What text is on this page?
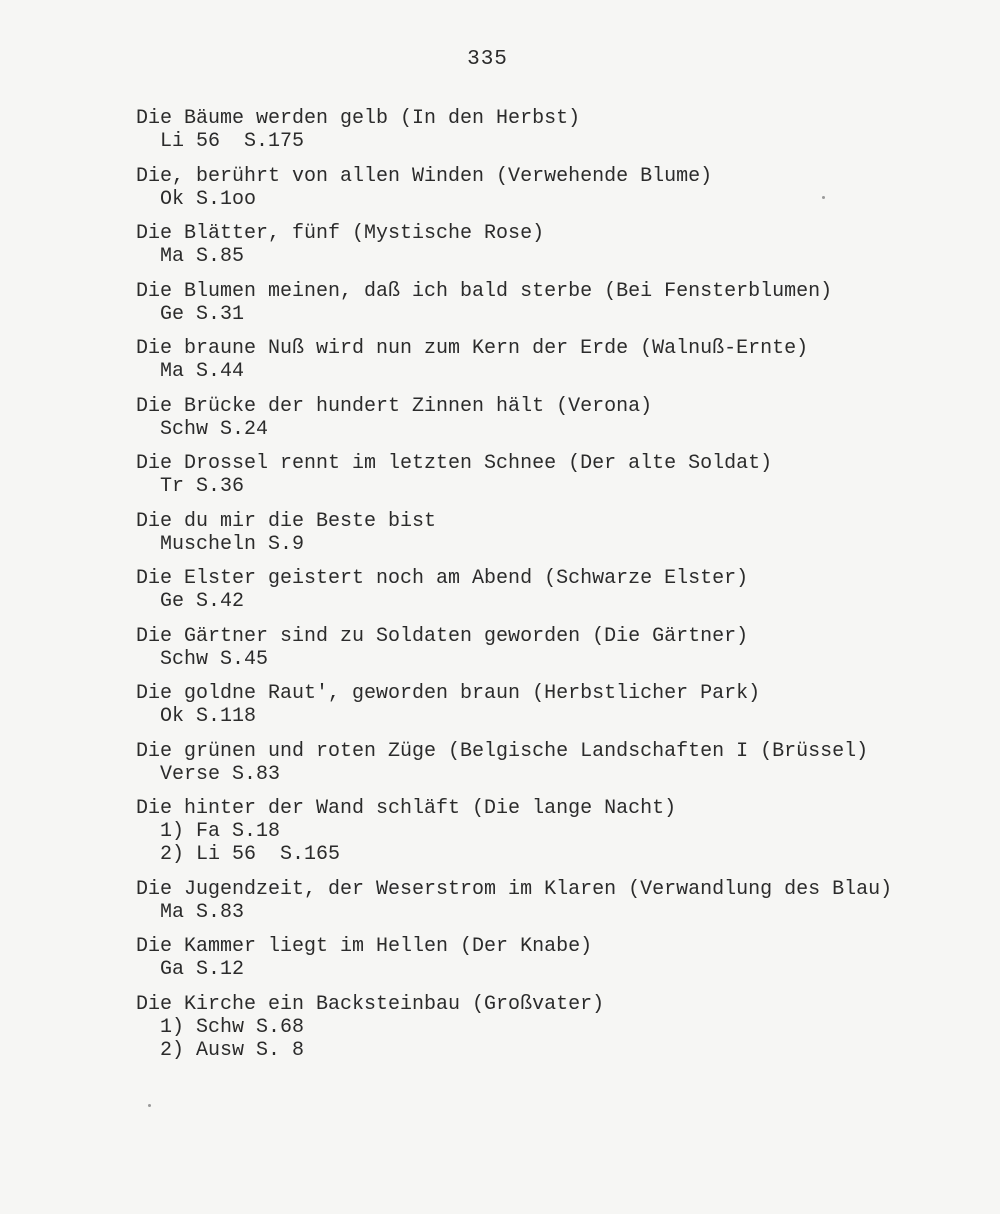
335
Die Bäume werden gelb (In den Herbst)
Li 56  S.175
Die, berührt von allen Winden (Verwehende Blume)
Ok S.1oo
Die Blätter, fünf (Mystische Rose)
Ma S.85
Die Blumen meinen, daß ich bald sterbe (Bei Fensterblumen)
Ge S.31
Die braune Nuß wird nun zum Kern der Erde (Walnuß-Ernte)
Ma S.44
Die Brücke der hundert Zinnen hält (Verona)
Schw S.24
Die Drossel rennt im letzten Schnee (Der alte Soldat)
Tr S.36
Die du mir die Beste bist
Muscheln S.9
Die Elster geistert noch am Abend (Schwarze Elster)
Ge S.42
Die Gärtner sind zu Soldaten geworden (Die Gärtner)
Schw S.45
Die goldne Raut', geworden braun (Herbstlicher Park)
Ok S.118
Die grünen und roten Züge (Belgische Landschaften I (Brüssel)
Verse S.83
Die hinter der Wand schläft (Die lange Nacht)
1) Fa S.18
2) Li 56  S.165
Die Jugendzeit, der Weserstrom im Klaren (Verwandlung des Blau)
Ma S.83
Die Kammer liegt im Hellen (Der Knabe)
Ga S.12
Die Kirche ein Backsteinbau (Großvater)
1) Schw S.68
2) Ausw S. 8
